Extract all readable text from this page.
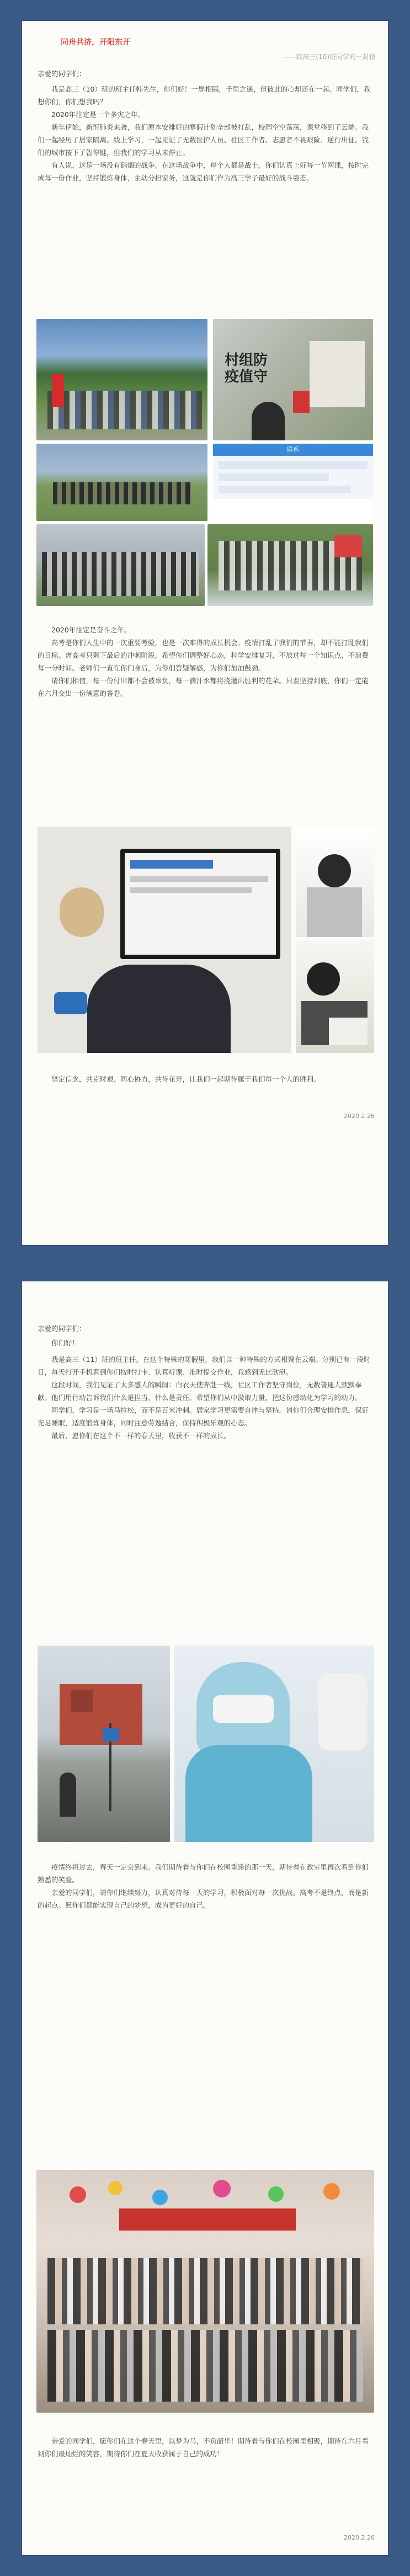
同舟共济，开阳东开
——致高三(10)班同学的一封信
亲爱的同学们：

我是高三（10）班的班主任韩先生，你们好！一屏相隔，千里之遥，但彼此的心却还在一起。同学们，我想你们，你们想我吗？

2020年注定是一个多灾之年。

新年伊始，新冠肺炎来袭，我们原本安排好的寒假计划全部被打乱，校园空空荡荡，课堂移到了云端。我们一起经历了居家隔离、线上学习，一起见证了无数医护人员、社区工作者、志愿者不畏艰险、逆行出征。我们的城市按下了暂停键，但我们的学习从未停止。

有人说，这是一场没有硝烟的战争。在这场战争中，每个人都是战士。你们认真上好每一节网课，按时完成每一份作业，坚持锻炼身体，主动分担家务，这就是你们作为高三学子最好的战斗姿态。

村组防疫值守
联系

2020年注定是奋斗之年。

高考是你们人生中的一次重要考验，也是一次难得的成长机会。疫情打乱了我们的节奏，却不能打乱我们的目标。离高考只剩下最后的冲刺阶段，希望你们调整好心态，科学安排复习，不放过每一个知识点，不浪费每一分时间。老师们一直在你们身后，为你们答疑解惑，为你们加油鼓劲。

请你们相信，每一份付出都不会被辜负，每一滴汗水都将浇灌出胜利的花朵。只要坚持到底，你们一定能在六月交出一份满意的答卷。

坚定信念，共克时艰。同心协力，共待花开，让我们一起期待属于我们每一个人的胜利。

2020.2.26
亲爱的同学们：
你们好！

我是高三（11）班的班主任。在这个特殊的寒假里，我们以一种特殊的方式相聚在云端。分别已有一段时日，每天打开手机看到你们按时打卡、认真听课、准时提交作业，我感到无比欣慰。

这段时间，我们见证了太多感人的瞬间：白衣天使奔赴一线，社区工作者坚守岗位，无数普通人默默奉献。他们用行动告诉我们什么是担当，什么是责任。希望你们从中汲取力量，把这份感动化为学习的动力。

同学们，学习是一场马拉松，而不是百米冲刺。居家学习更需要自律与坚持。请你们合理安排作息，保证充足睡眠，适度锻炼身体，同时注意劳逸结合，保持积极乐观的心态。

最后，愿你们在这个不一样的春天里，收获不一样的成长。

疫情终将过去，春天一定会到来。我们期待着与你们在校园重逢的那一天，期待着在教室里再次看到你们熟悉的笑脸。

亲爱的同学们，请你们继续努力，认真对待每一天的学习，积极面对每一次挑战。高考不是终点，而是新的起点。愿你们都能实现自己的梦想，成为更好的自己。

亲爱的同学们，愿你们在这个春天里，以梦为马，不负韶华！期待着与你们在校园里相聚，期待在六月看到你们最灿烂的笑容，期待你们在夏天收获属于自己的成功！

2020.2.26
